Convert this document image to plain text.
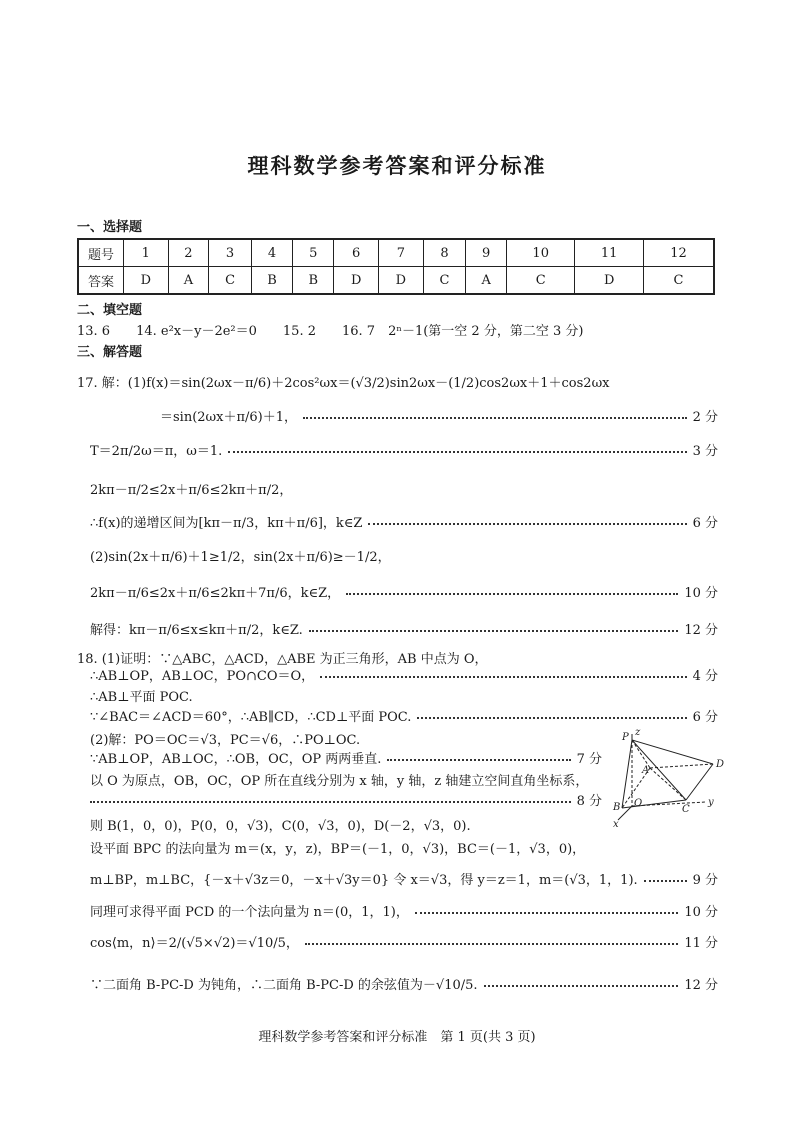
理科数学参考答案和评分标准
一、选择题
题号	1	2	3	4	5	6	7	8	9	10	11	12
答案	D	A	C	B	B	D	D	C	A	C	D	C
二、填空题
13. 6　　14. e²x－y－2e²＝0　　15. 2　　16. 7　2ⁿ－1(第一空 2 分，第二空 3 分)
三、解答题
17. 解：(1)f(x)＝sin(2ωx－π/6)＋2cos²ωx＝(√3/2)sin2ωx－(1/2)cos2ωx＋1＋cos2ωx
＝sin(2ωx＋π/6)＋1，	2 分
T＝2π/2ω＝π，ω＝1.	3 分
2kπ－π/2≤2x＋π/6≤2kπ＋π/2，
∴f(x)的递增区间为[kπ－π/3，kπ＋π/6]，k∈Z	6 分
(2)sin(2x＋π/6)＋1≥1/2，sin(2x＋π/6)≥－1/2，
2kπ－π/6≤2x＋π/6≤2kπ＋7π/6，k∈Z，	10 分
解得：kπ－π/6≤x≤kπ＋π/2，k∈Z.	12 分
18. (1)证明：∵△ABC，△ACD，△ABE 为正三角形，AB 中点为 O，
∴AB⊥OP，AB⊥OC，PO∩CO＝O，	4 分
∴AB⊥平面 POC.
∵∠BAC＝∠ACD＝60°，∴AB∥CD，∴CD⊥平面 POC.	6 分
(2)解：PO＝OC＝√3，PC＝√6，∴PO⊥OC.
∵AB⊥OP，AB⊥OC，∴OB，OC，OP 两两垂直.	7 分
以 O 为原点，OB，OC，OP 所在直线分别为 x 轴，y 轴，z 轴建立空间直角坐标系，
8 分
则 B(1，0，0)，P(0，0，√3)，C(0，√3，0)，D(－2，√3，0).
设平面 BPC 的法向量为 m＝(x，y，z)，BP＝(－1，0，√3)，BC＝(－1，√3，0)，
m⊥BP，m⊥BC，{－x＋√3z＝0，－x＋√3y＝0} 令 x＝√3，得 y＝z＝1，m＝(√3，1，1).	9 分
同理可求得平面 PCD 的一个法向量为 n＝(0，1，1)，	10 分
cos⟨m，n⟩＝2/(√5×√2)＝√10/5，	11 分
∵二面角 B-PC-D 为钝角，∴二面角 B-PC-D 的余弦值为－√10/5.	12 分
P z
D
A
O
B	C
y
x
理科数学参考答案和评分标准　第 1 页(共 3 页)
